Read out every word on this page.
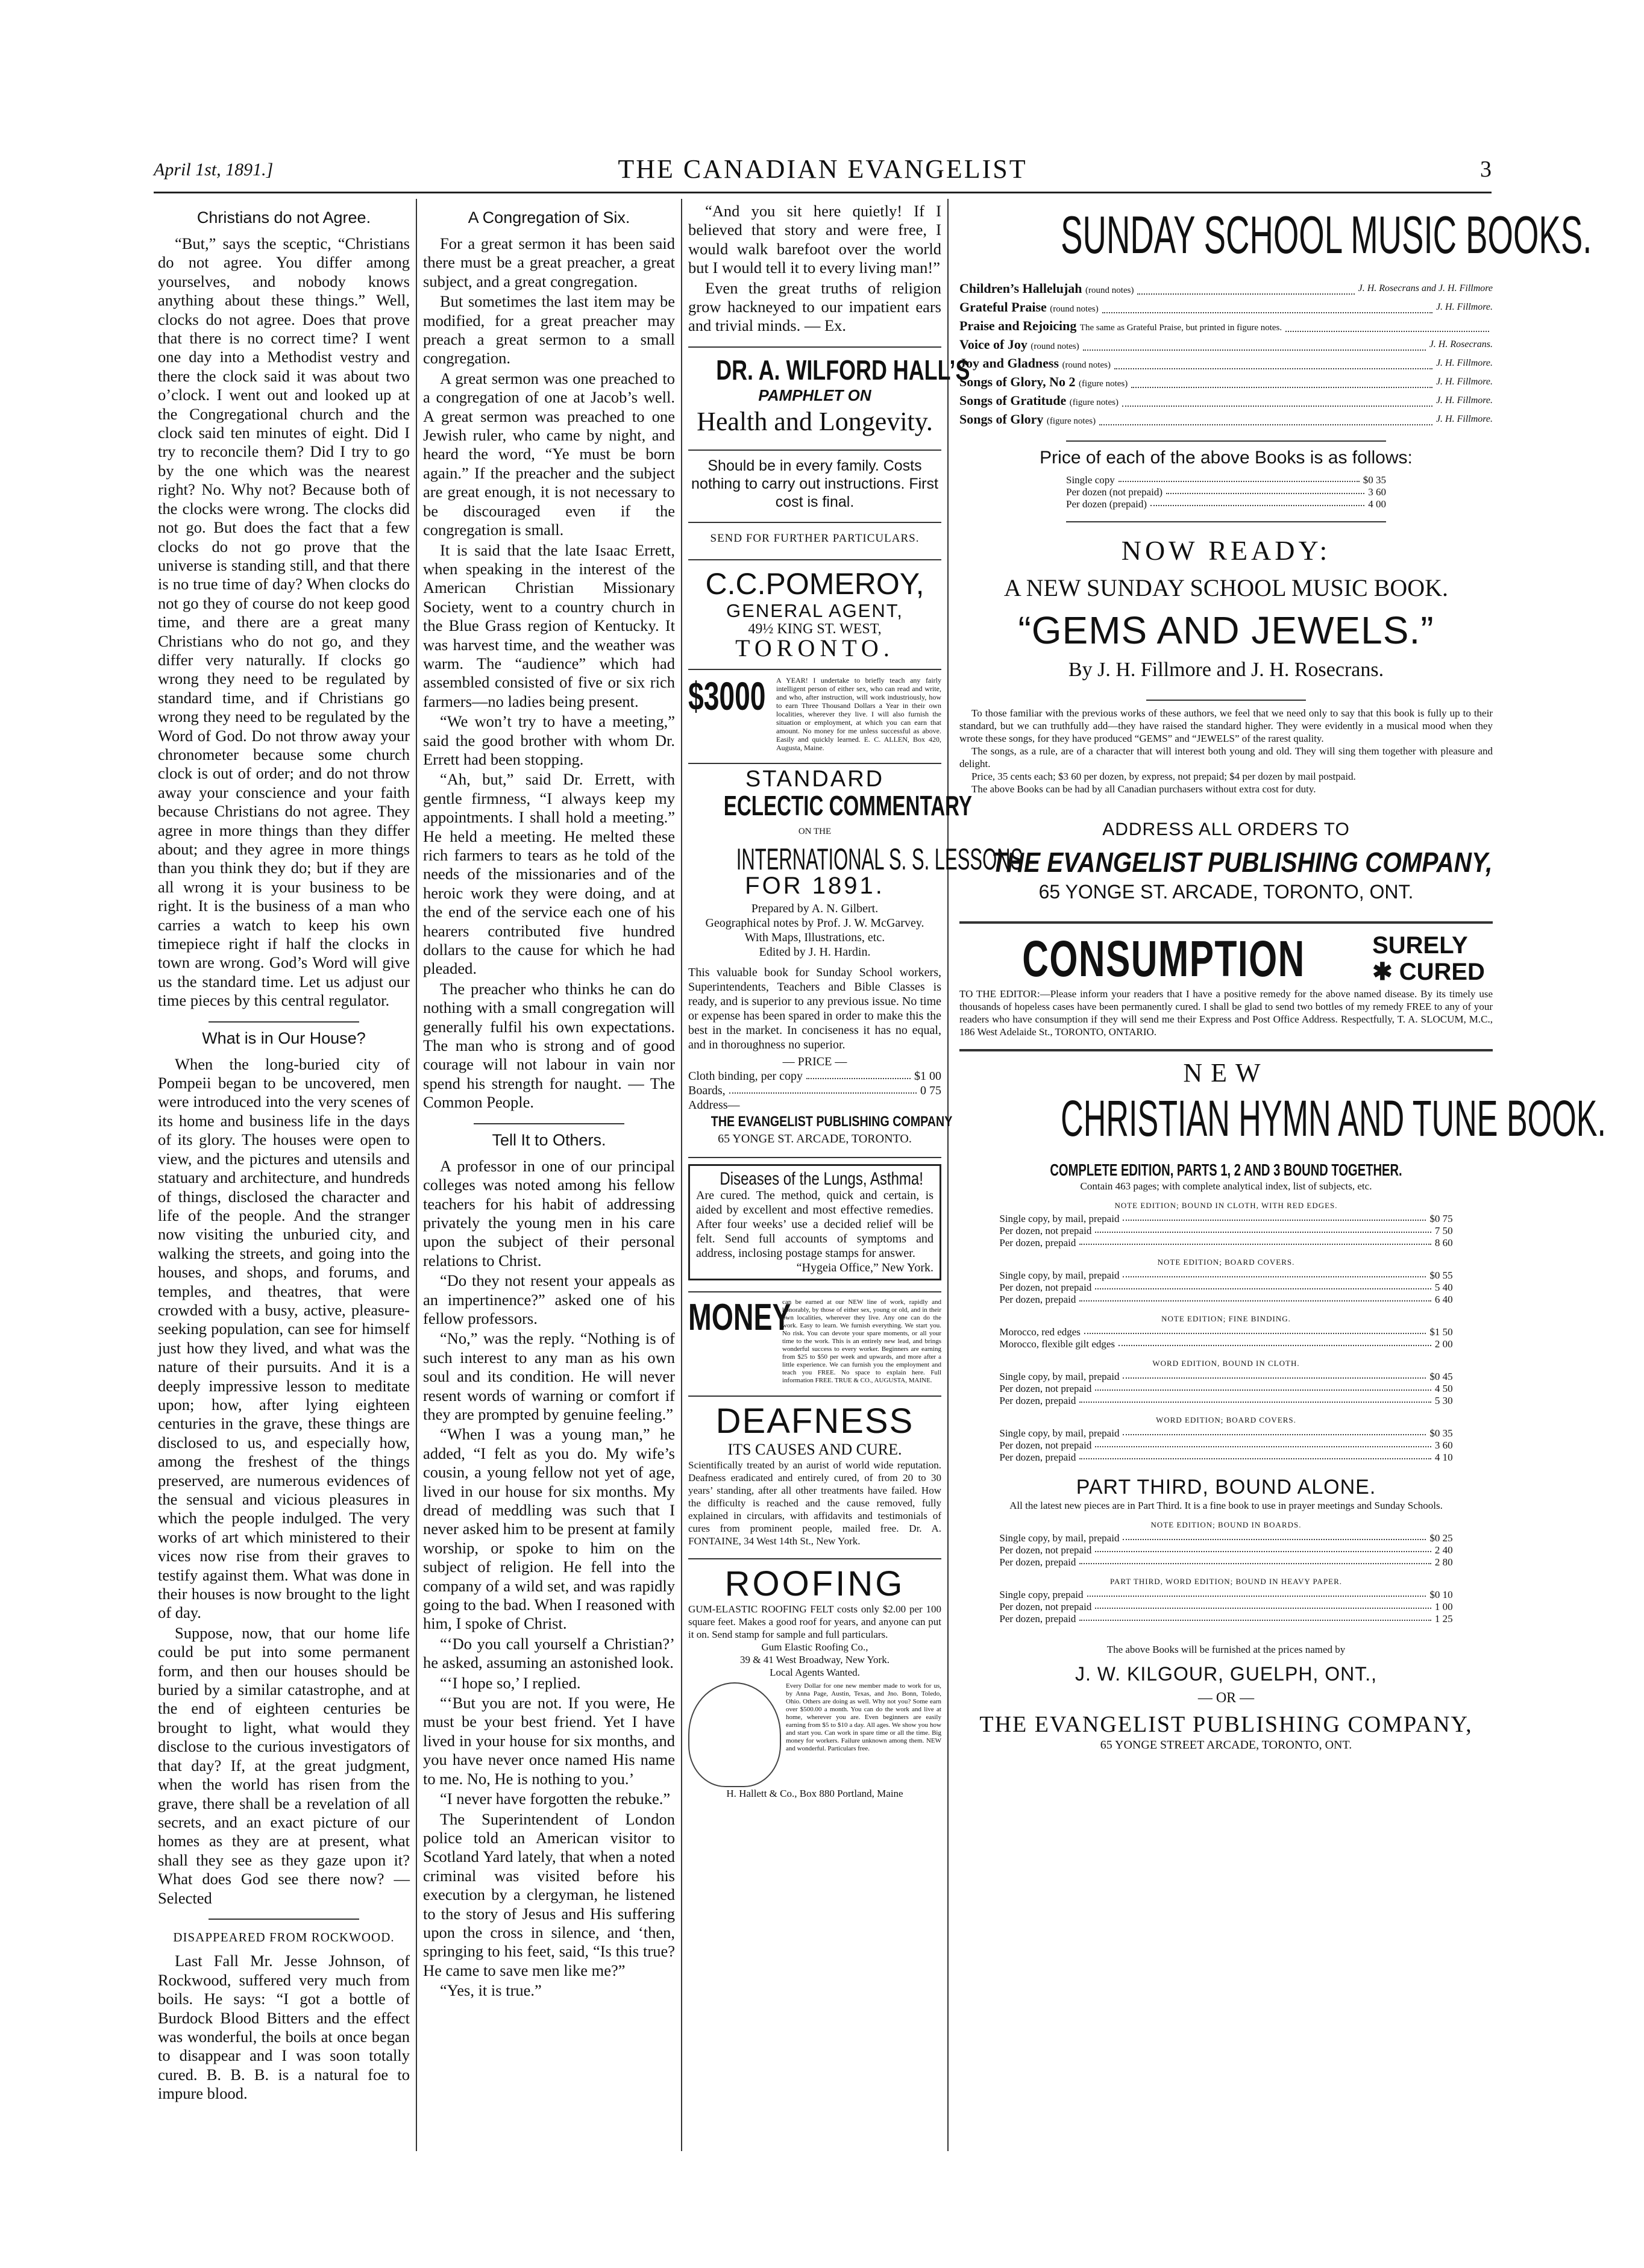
April 1st, 1891.]	THE CANADIAN EVANGELIST	3
Christians do not Agree.

“But,” says the sceptic, “Christians do not agree. You differ among yourselves, and nobody knows anything about these things.” Well, clocks do not agree. Does that prove that there is no correct time? I went one day into a Methodist vestry and there the clock said it was about two o’clock. I went out and looked up at the Congregational church and the clock said ten minutes of eight. Did I try to reconcile them? Did I try to go by the one which was the nearest right? No. Why not? Because both of the clocks were wrong. The clocks did not go. But does the fact that a few clocks do not go prove that the universe is standing still, and that there is no true time of day? When clocks do not go they of course do not keep good time, and there are a great many Christians who do not go, and they differ very naturally. If clocks go wrong they need to be regulated by standard time, and if Christians go wrong they need to be regulated by the Word of God. Do not throw away your chronometer because some church clock is out of order; and do not throw away your conscience and your faith because Christians do not agree. They agree in more things than they differ about; and they agree in more things than you think they do; but if they are all wrong it is your business to be right. It is the business of a man who carries a watch to keep his own timepiece right if half the clocks in town are wrong. God’s Word will give us the standard time. Let us adjust our time pieces by this central regulator.

What is in Our House?

When the long-buried city of Pompeii began to be uncovered, men were introduced into the very scenes of its home and business life in the days of its glory. The houses were open to view, and the pictures and utensils and statuary and architecture, and hundreds of things, disclosed the character and life of the people. And the stranger now visiting the unburied city, and walking the streets, and going into the houses, and shops, and forums, and temples, and theatres, that were crowded with a busy, active, pleasure-seeking population, can see for himself just how they lived, and what was the nature of their pursuits. And it is a deeply impressive lesson to meditate upon; how, after lying eighteen centuries in the grave, these things are disclosed to us, and especially how, among the freshest of the things preserved, are numerous evidences of the sensual and vicious pleasures in which the people indulged. The very works of art which ministered to their vices now rise from their graves to testify against them. What was done in their houses is now brought to the light of day.

Suppose, now, that our home life could be put into some permanent form, and then our houses should be buried by a similar catastrophe, and at the end of eighteen centuries be brought to light, what would they disclose to the curious investigators of that day? If, at the great judgment, when the world has risen from the grave, there shall be a revelation of all secrets, and an exact picture of our homes as they are at present, what shall they see as they gaze upon it? What does God see there now? — Selected

DISAPPEARED FROM ROCKWOOD.

Last Fall Mr. Jesse Johnson, of Rockwood, suffered very much from boils. He says: “I got a bottle of Burdock Blood Bitters and the effect was wonderful, the boils at once began to disappear and I was soon totally cured. B. B. B. is a natural foe to impure blood.

A Congregation of Six.

For a great sermon it has been said there must be a great preacher, a great subject, and a great congregation.

But sometimes the last item may be modified, for a great preacher may preach a great sermon to a small congregation.

A great sermon was one preached to a congregation of one at Jacob’s well. A great sermon was preached to one Jewish ruler, who came by night, and heard the word, “Ye must be born again.” If the preacher and the subject are great enough, it is not necessary to be discouraged even if the congregation is small.

It is said that the late Isaac Errett, when speaking in the interest of the American Christian Missionary Society, went to a country church in the Blue Grass region of Kentucky. It was harvest time, and the weather was warm. The “audience” which had assembled consisted of five or six rich farmers—no ladies being present.

“We won’t try to have a meeting,” said the good brother with whom Dr. Errett had been stopping.

“Ah, but,” said Dr. Errett, with gentle firmness, “I always keep my appointments. I shall hold a meeting.” He held a meeting. He melted these rich farmers to tears as he told of the needs of the missionaries and of the heroic work they were doing, and at the end of the service each one of his hearers contributed five hundred dollars to the cause for which he had pleaded.

The preacher who thinks he can do nothing with a small congregation will generally fulfil his own expectations. The man who is strong and of good courage will not labour in vain nor spend his strength for naught. — The Common People.

Tell It to Others.

A professor in one of our principal colleges was noted among his fellow teachers for his habit of addressing privately the young men in his care upon the subject of their personal relations to Christ.

“Do they not resent your appeals as an impertinence?” asked one of his fellow professors.

“No,” was the reply. “Nothing is of such interest to any man as his own soul and its condition. He will never resent words of warning or comfort if they are prompted by genuine feeling.”

“When I was a young man,” he added, “I felt as you do. My wife’s cousin, a young fellow not yet of age, lived in our house for six months. My dread of meddling was such that I never asked him to be present at family worship, or spoke to him on the subject of religion. He fell into the company of a wild set, and was rapidly going to the bad. When I reasoned with him, I spoke of Christ.

“‘Do you call yourself a Christian?’ he asked, assuming an astonished look.

“‘I hope so,’ I replied.

“‘But you are not. If you were, He must be your best friend. Yet I have lived in your house for six months, and you have never once named His name to me. No, He is nothing to you.’

“I never have forgotten the rebuke.”

The Superintendent of London police told an American visitor to Scotland Yard lately, that when a noted criminal was visited before his execution by a clergyman, he listened to the story of Jesus and His suffering upon the cross in silence, and ‘then, springing to his feet, said, “Is this true? He came to save men like me?”

“Yes, it is true.”

“And you sit here quietly! If I believed that story and were free, I would walk barefoot over the world but I would tell it to every living man!”

Even the great truths of religion grow hackneyed to our impatient ears and trivial minds. — Ex.

DR. A. WILFORD HALL’S
PAMPHLET ON
Health and Longevity.
Should be in every family. Costs nothing to carry out instructions. First cost is final.
SEND FOR FURTHER PARTICULARS.
C.C.POMEROY,
GENERAL AGENT,
49½ KING ST. WEST,
TORONTO.
$3000 A YEAR! I undertake to briefly teach any fairly intelligent person of either sex, who can read and write, and who, after instruction, will work industriously, how to earn Three Thousand Dollars a Year in their own localities, wherever they live. I will also furnish the situation or employment, at which you can earn that amount. No money for me unless successful as above. Easily and quickly learned. E. C. ALLEN, Box 420, Augusta, Maine.
STANDARD
ECLECTIC COMMENTARY
ON THE
INTERNATIONAL S. S. LESSONS
FOR 1891.
Prepared by A. N. Gilbert.
Geographical notes by Prof. J. W. McGarvey.
With Maps, Illustrations, etc.
Edited by J. H. Hardin.
This valuable book for Sunday School workers, Superintendents, Teachers and Bible Classes is ready, and is superior to any previous issue. No time or expense has been spared in order to make this the best in the market. In conciseness it has no equal, and in thoroughness no superior.
— PRICE —
Cloth binding, per copy	$1 00
Boards,	0 75
Address—
THE EVANGELIST PUBLISHING COMPANY
65 YONGE ST. ARCADE, TORONTO.
Diseases of the Lungs, Asthma!
Are cured. The method, quick and certain, is aided by excellent and most effective remedies. After four weeks’ use a decided relief will be felt. Send full accounts of symptoms and address, inclosing postage stamps for answer.
“Hygeia Office,” New York.
MONEY
can be earned at our NEW line of work, rapidly and honorably, by those of either sex, young or old, and in their own localities, wherever they live. Any one can do the work. Easy to learn. We furnish everything. We start you. No risk. You can devote your spare moments, or all your time to the work. This is an entirely new lead, and brings wonderful success to every worker. Beginners are earning from $25 to $50 per week and upwards, and more after a little experience. We can furnish you the employment and teach you FREE. No space to explain here. Full information FREE. TRUE & CO., AUGUSTA, MAINE.
DEAFNESS
ITS CAUSES AND CURE.
Scientifically treated by an aurist of world wide reputation. Deafness eradicated and entirely cured, of from 20 to 30 years’ standing, after all other treatments have failed. How the difficulty is reached and the cause removed, fully explained in circulars, with affidavits and testimonials of cures from prominent people, mailed free. Dr. A. FONTAINE, 34 West 14th St., New York.
ROOFING
GUM-ELASTIC ROOFING FELT costs only $2.00 per 100 square feet. Makes a good roof for years, and anyone can put it on. Send stamp for sample and full particulars.
Gum Elastic Roofing Co.,
39 & 41 West Broadway, New York.
Local Agents Wanted.
Every Dollar for one new member made to work for us, by Anna Page, Austin, Texas, and Jno. Bonn, Toledo, Ohio. Others are doing as well. Why not you? Some earn over $500.00 a month. You can do the work and live at home, wherever you are. Even beginners are easily earning from $5 to $10 a day. All ages. We show you how and start you. Can work in spare time or all the time. Big money for workers. Failure unknown among them. NEW and wonderful. Particulars free.
H. Hallett & Co., Box 880 Portland, Maine
SUNDAY SCHOOL MUSIC BOOKS.
Children’s Hallelujah (round notes)	J. H. Rosecrans and J. H. Fillmore
Grateful Praise (round notes)	J. H. Fillmore.
Praise and Rejoicing The same as Grateful Praise, but printed in figure notes.
Voice of Joy (round notes)	J. H. Rosecrans.
Joy and Gladness (round notes)	J. H. Fillmore.
Songs of Glory, No 2 (figure notes)	J. H. Fillmore.
Songs of Gratitude (figure notes)	J. H. Fillmore.
Songs of Glory (figure notes)	J. H. Fillmore.
Price of each of the above Books is as follows:
Single copy	$0 35
Per dozen (not prepaid)	3 60
Per dozen (prepaid)	4 00
NOW READY:
A NEW SUNDAY SCHOOL MUSIC BOOK.
“GEMS AND JEWELS.”
By J. H. Fillmore and J. H. Rosecrans.
To those familiar with the previous works of these authors, we feel that we need only to say that this book is fully up to their standard, but we can truthfully add—they have raised the standard higher. They were evidently in a musical mood when they wrote these songs, for they have produced “GEMS” and “JEWELS” of the rarest quality.
The songs, as a rule, are of a character that will interest both young and old. They will sing them together with pleasure and delight.
Price, 35 cents each; $3 60 per dozen, by express, not prepaid; $4 per dozen by mail postpaid.
The above Books can be had by all Canadian purchasers without extra cost for duty.
ADDRESS ALL ORDERS TO
THE EVANGELIST PUBLISHING COMPANY,
65 YONGE ST. ARCADE, TORONTO, ONT.
CONSUMPTION	SURELY
✱ CURED
TO THE EDITOR:—Please inform your readers that I have a positive remedy for the above named disease. By its timely use thousands of hopeless cases have been permanently cured. I shall be glad to send two bottles of my remedy FREE to any of your readers who have consumption if they will send me their Express and Post Office Address. Respectfully, T. A. SLOCUM, M.C., 186 West Adelaide St., TORONTO, ONTARIO.
NEW
CHRISTIAN HYMN AND TUNE BOOK.
COMPLETE EDITION, PARTS 1, 2 AND 3 BOUND TOGETHER.
Contain 463 pages; with complete analytical index, list of subjects, etc.
NOTE EDITION; BOUND IN CLOTH, WITH RED EDGES.
Single copy, by mail, prepaid	$0 75
Per dozen, not prepaid	7 50
Per dozen, prepaid	8 60
NOTE EDITION; BOARD COVERS.
Single copy, by mail, prepaid	$0 55
Per dozen, not prepaid	5 40
Per dozen, prepaid	6 40
NOTE EDITION; FINE BINDING.
Morocco, red edges	$1 50
Morocco, flexible gilt edges	2 00
WORD EDITION, BOUND IN CLOTH.
Single copy, by mail, prepaid	$0 45
Per dozen, not prepaid	4 50
Per dozen, prepaid	5 30
WORD EDITION; BOARD COVERS.
Single copy, by mail, prepaid	$0 35
Per dozen, not prepaid	3 60
Per dozen, prepaid	4 10
PART THIRD, BOUND ALONE.
All the latest new pieces are in Part Third. It is a fine book to use in prayer meetings and Sunday Schools.
NOTE EDITION; BOUND IN BOARDS.
Single copy, by mail, prepaid	$0 25
Per dozen, not prepaid	2 40
Per dozen, prepaid	2 80
PART THIRD, WORD EDITION; BOUND IN HEAVY PAPER.
Single copy, prepaid	$0 10
Per dozen, not prepaid	1 00
Per dozen, prepaid	1 25
The above Books will be furnished at the prices named by
J. W. KILGOUR, GUELPH, ONT.,
— OR —
THE EVANGELIST PUBLISHING COMPANY,
65 YONGE STREET ARCADE, TORONTO, ONT.
